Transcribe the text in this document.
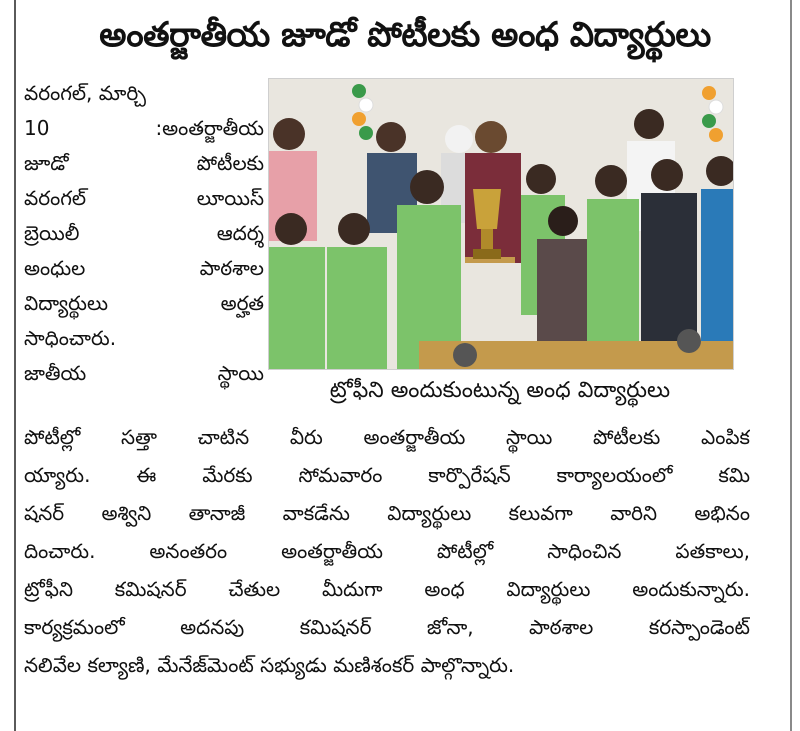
అంతర్జాతీయ జూడో పోటీలకు అంధ విద్యార్థులు
వరంగల్, మార్చి
10 :అంతర్జాతీయ
జూడో పోటీలకు
వరంగల్ లూయిస్
బ్రెయిలీ ఆదర్శ
అంధుల పాఠశాల
విద్యార్థులు అర్హత
సాధించారు.
జాతీయ స్థాయి
ట్రోఫీని అందుకుంటున్న అంధ విద్యార్థులు
పోటీల్లో సత్తా చాటిన వీరు అంతర్జాతీయ స్థాయి పోటీలకు ఎంపిక
య్యారు. ఈ మేరకు సోమవారం కార్పొరేషన్ కార్యాలయంలో కమి
షనర్ అశ్విని తానాజీ వాకడేను విద్యార్థులు కలువగా వారిని అభినం
దించారు. అనంతరం అంతర్జాతీయ పోటీల్లో సాధించిన పతకాలు,
ట్రోఫీని కమిషనర్ చేతుల మీదుగా అంధ విద్యార్థులు అందుకున్నారు.
కార్యక్రమంలో అదనపు కమిషనర్ జోనా, పాఠశాల కరస్పాండెంట్
నలివేల కల్యాణి, మేనేజ్‌మెంట్ సభ్యుడు మణిశంకర్ పాల్గొన్నారు.
